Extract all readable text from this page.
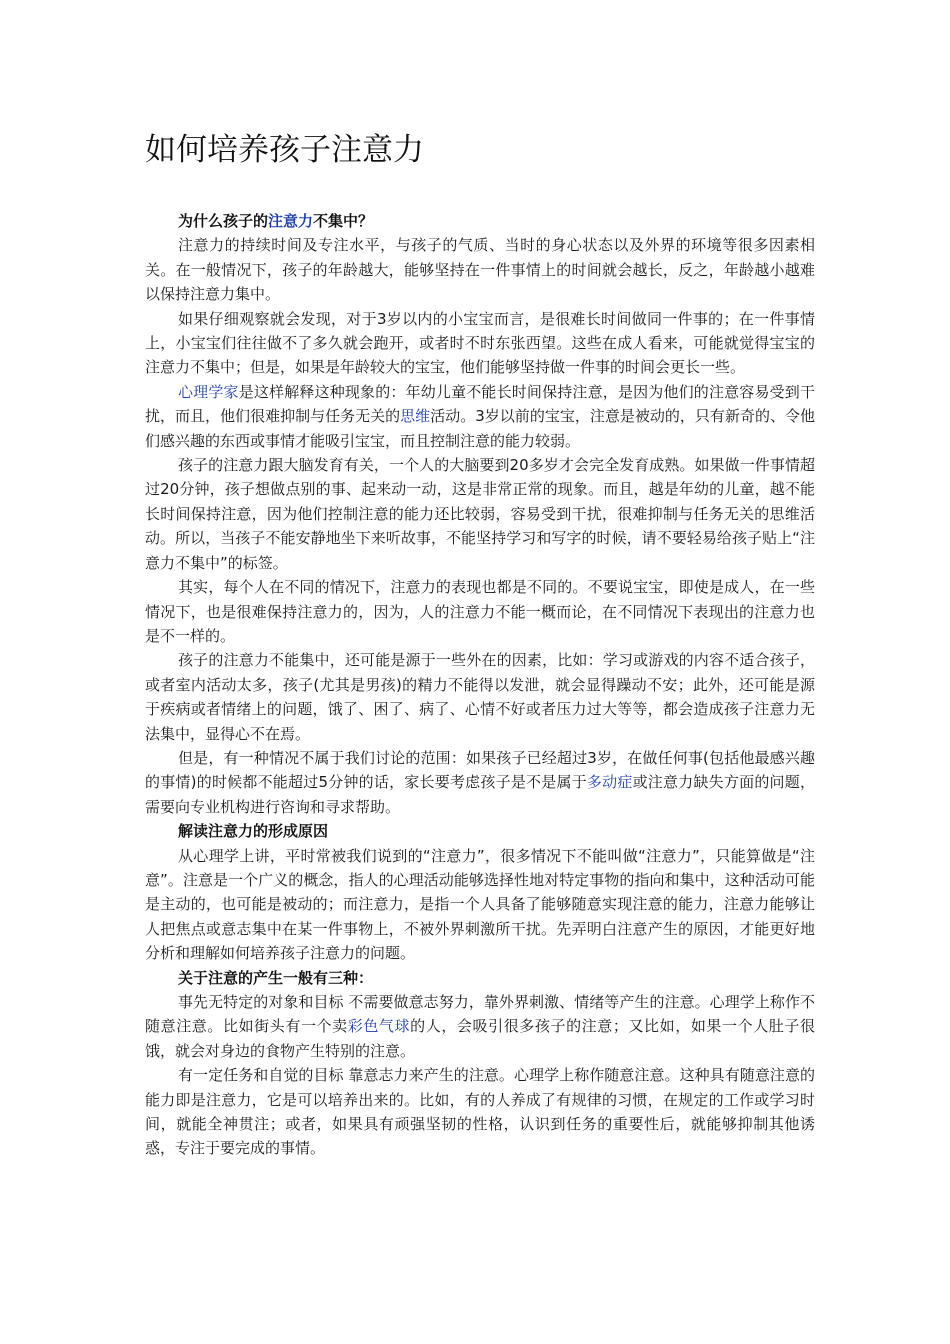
如何培养孩子注意力

为什么孩子的注意力不集中？

注意力的持续时间及专注水平，与孩子的气质、当时的身心状态以及外界的环境等很多因素相关。在一般情况下，孩子的年龄越大，能够坚持在一件事情上的时间就会越长，反之，年龄越小越难以保持注意力集中。

如果仔细观察就会发现，对于3岁以内的小宝宝而言，是很难长时间做同一件事的；在一件事情上，小宝宝们往往做不了多久就会跑开，或者时不时东张西望。这些在成人看来，可能就觉得宝宝的注意力不集中；但是，如果是年龄较大的宝宝，他们能够坚持做一件事的时间会更长一些。

心理学家是这样解释这种现象的：年幼儿童不能长时间保持注意，是因为他们的注意容易受到干扰，而且，他们很难抑制与任务无关的思维活动。3岁以前的宝宝，注意是被动的，只有新奇的、令他们感兴趣的东西或事情才能吸引宝宝，而且控制注意的能力较弱。

孩子的注意力跟大脑发育有关，一个人的大脑要到20多岁才会完全发育成熟。如果做一件事情超过20分钟，孩子想做点别的事、起来动一动，这是非常正常的现象。而且，越是年幼的儿童，越不能长时间保持注意，因为他们控制注意的能力还比较弱，容易受到干扰，很难抑制与任务无关的思维活动。所以，当孩子不能安静地坐下来听故事，不能坚持学习和写字的时候，请不要轻易给孩子贴上“注意力不集中”的标签。

其实，每个人在不同的情况下，注意力的表现也都是不同的。不要说宝宝，即使是成人，在一些情况下，也是很难保持注意力的，因为，人的注意力不能一概而论，在不同情况下表现出的注意力也是不一样的。

孩子的注意力不能集中，还可能是源于一些外在的因素，比如：学习或游戏的内容不适合孩子，或者室内活动太多，孩子(尤其是男孩)的精力不能得以发泄，就会显得躁动不安；此外，还可能是源于疾病或者情绪上的问题，饿了、困了、病了、心情不好或者压力过大等等，都会造成孩子注意力无法集中，显得心不在焉。

但是，有一种情况不属于我们讨论的范围：如果孩子已经超过3岁，在做任何事(包括他最感兴趣的事情)的时候都不能超过5分钟的话，家长要考虑孩子是不是属于多动症或注意力缺失方面的问题，需要向专业机构进行咨询和寻求帮助。

解读注意力的形成原因

从心理学上讲，平时常被我们说到的“注意力”，很多情况下不能叫做“注意力”，只能算做是“注意”。注意是一个广义的概念，指人的心理活动能够选择性地对特定事物的指向和集中，这种活动可能是主动的，也可能是被动的；而注意力，是指一个人具备了能够随意实现注意的能力，注意力能够让人把焦点或意志集中在某一件事物上，不被外界刺激所干扰。先弄明白注意产生的原因，才能更好地分析和理解如何培养孩子注意力的问题。

关于注意的产生一般有三种：

事先无特定的对象和目标 不需要做意志努力，靠外界刺激、情绪等产生的注意。心理学上称作不随意注意。比如街头有一个卖彩色气球的人，会吸引很多孩子的注意；又比如，如果一个人肚子很饿，就会对身边的食物产生特别的注意。

有一定任务和自觉的目标 靠意志力来产生的注意。心理学上称作随意注意。这种具有随意注意的能力即是注意力，它是可以培养出来的。比如，有的人养成了有规律的习惯，在规定的工作或学习时间，就能全神贯注；或者，如果具有顽强坚韧的性格，认识到任务的重要性后，就能够抑制其他诱惑，专注于要完成的事情。
